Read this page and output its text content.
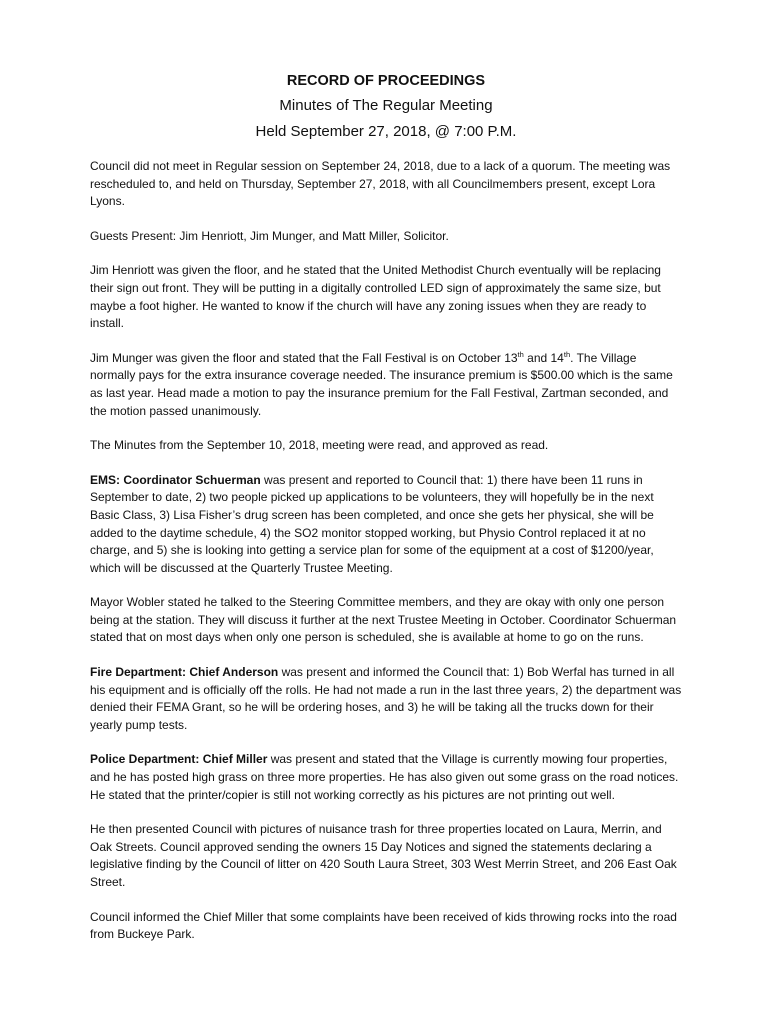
RECORD OF PROCEEDINGS
Minutes of The Regular Meeting
Held September 27, 2018, @ 7:00 P.M.

Council did not meet in Regular session on September 24, 2018, due to a lack of a quorum. The meeting was rescheduled to, and held on Thursday, September 27, 2018, with all Councilmembers present, except Lora Lyons.

Guests Present: Jim Henriott, Jim Munger, and Matt Miller, Solicitor.

Jim Henriott was given the floor, and he stated that the United Methodist Church eventually will be replacing their sign out front. They will be putting in a digitally controlled LED sign of approximately the same size, but maybe a foot higher. He wanted to know if the church will have any zoning issues when they are ready to install.

Jim Munger was given the floor and stated that the Fall Festival is on October 13th and 14th. The Village normally pays for the extra insurance coverage needed. The insurance premium is $500.00 which is the same as last year. Head made a motion to pay the insurance premium for the Fall Festival, Zartman seconded, and the motion passed unanimously.

The Minutes from the September 10, 2018, meeting were read, and approved as read.

EMS: Coordinator Schuerman was present and reported to Council that: 1) there have been 11 runs in September to date, 2) two people picked up applications to be volunteers, they will hopefully be in the next Basic Class, 3) Lisa Fisher’s drug screen has been completed, and once she gets her physical, she will be added to the daytime schedule, 4) the SO2 monitor stopped working, but Physio Control replaced it at no charge, and 5) she is looking into getting a service plan for some of the equipment at a cost of $1200/year, which will be discussed at the Quarterly Trustee Meeting.

Mayor Wobler stated he talked to the Steering Committee members, and they are okay with only one person being at the station. They will discuss it further at the next Trustee Meeting in October. Coordinator Schuerman stated that on most days when only one person is scheduled, she is available at home to go on the runs.

Fire Department: Chief Anderson was present and informed the Council that: 1) Bob Werfal has turned in all his equipment and is officially off the rolls. He had not made a run in the last three years, 2) the department was denied their FEMA Grant, so he will be ordering hoses, and 3) he will be taking all the trucks down for their yearly pump tests.

Police Department: Chief Miller was present and stated that the Village is currently mowing four properties, and he has posted high grass on three more properties. He has also given out some grass on the road notices. He stated that the printer/copier is still not working correctly as his pictures are not printing out well.

He then presented Council with pictures of nuisance trash for three properties located on Laura, Merrin, and Oak Streets. Council approved sending the owners 15 Day Notices and signed the statements declaring a legislative finding by the Council of litter on 420 South Laura Street, 303 West Merrin Street, and 206 East Oak Street.

Council informed the Chief Miller that some complaints have been received of kids throwing rocks into the road from Buckeye Park.
